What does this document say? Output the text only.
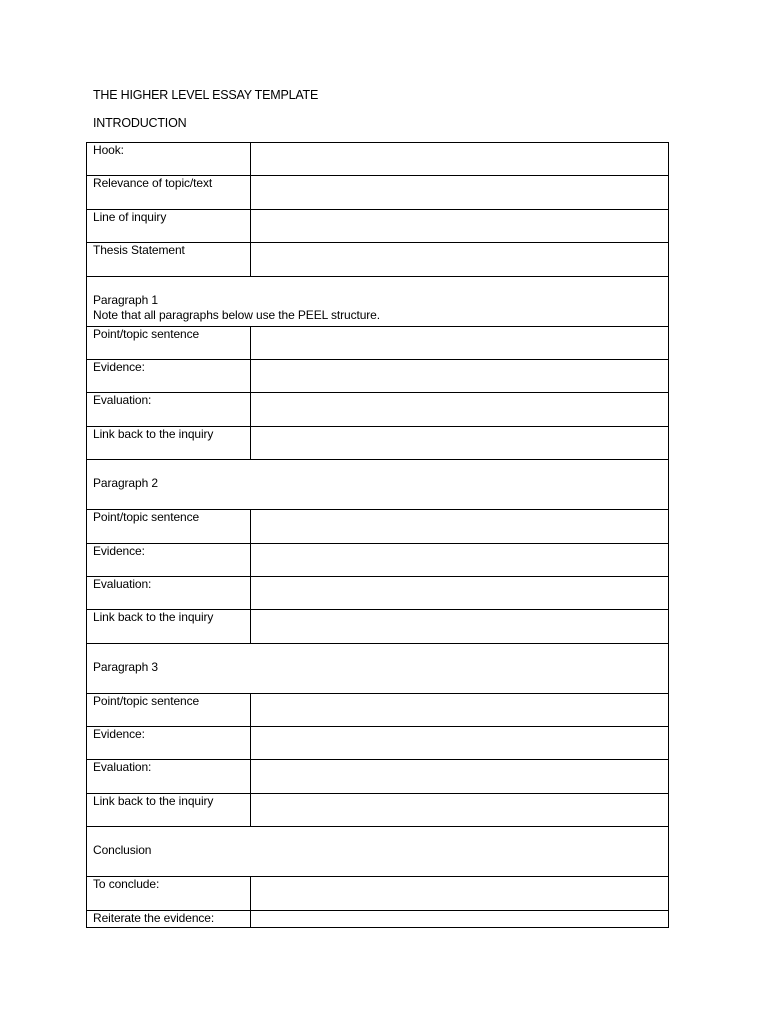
THE HIGHER LEVEL ESSAY TEMPLATE
INTRODUCTION
Hook:	
Relevance of topic/text	
Line of inquiry	
Thesis Statement	

Paragraph 1
Note that all paragraphs below use the PEEL structure.	

Point/topic sentence	
Evidence:	
Evaluation:	
Link back to the inquiry	
Paragraph 2	
Point/topic sentence	
Evidence:	
Evaluation:	
Link back to the inquiry	
Paragraph 3	
Point/topic sentence	
Evidence:	
Evaluation:	
Link back to the inquiry	
Conclusion	
To conclude:	
Reiterate the evidence:	
